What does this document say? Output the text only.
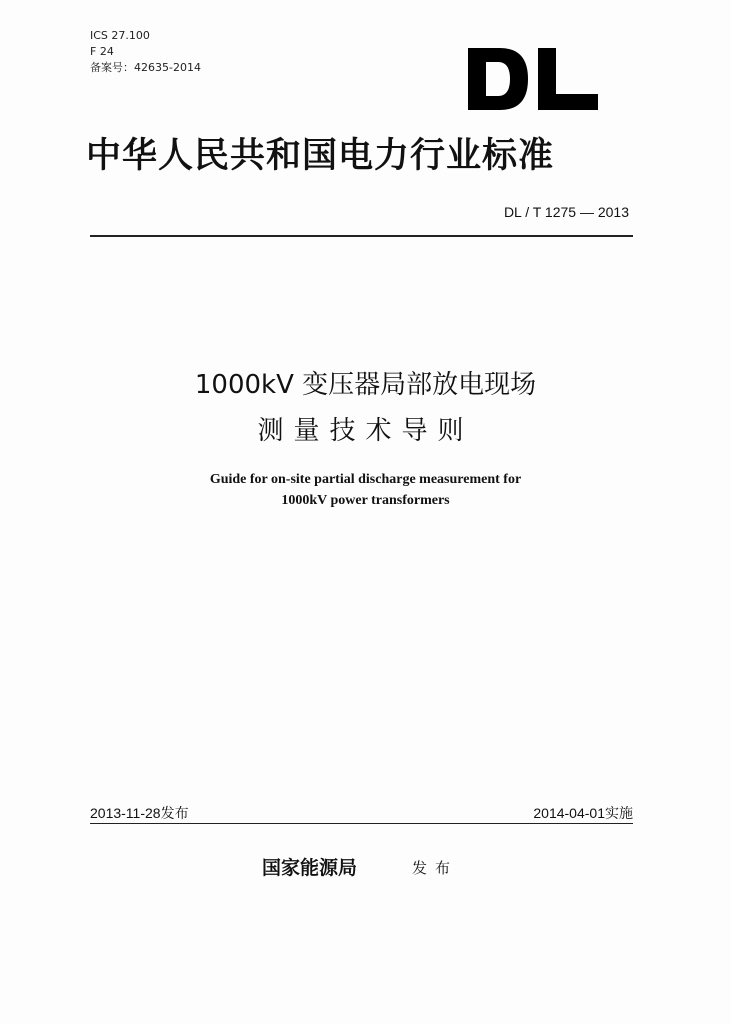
ICS 27.100
F 24
备案号：42635-2014
中华人民共和国电力行业标准
DL / T 1275 — 2013
1000kV 变压器局部放电现场
测量技术导则
Guide for on-site partial discharge measurement for
1000kV power transformers
2013-11-28发布	2014-04-01实施
国家能源局	发布
